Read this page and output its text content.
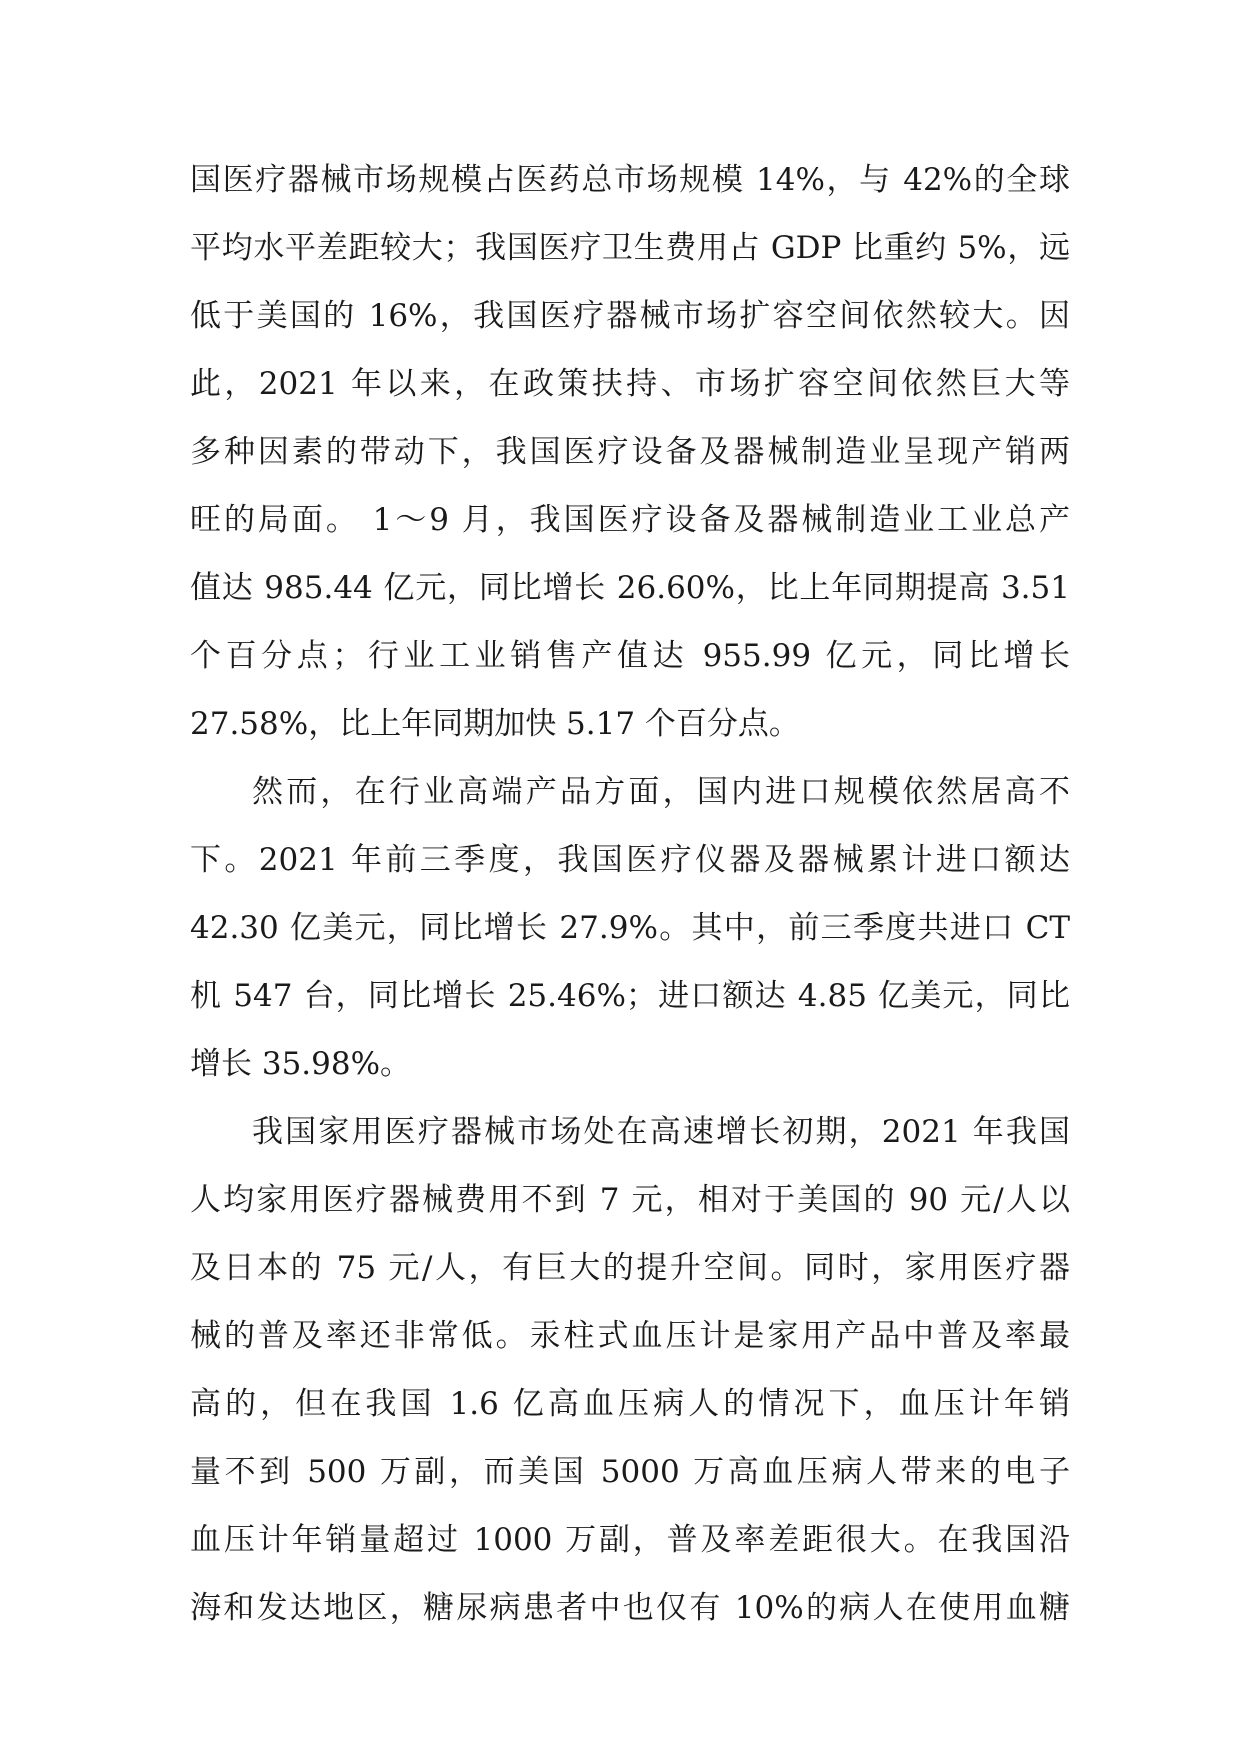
国医疗器械市场规模占医药总市场规模 14%，与 42%的全球
平均水平差距较大；我国医疗卫生费用占 GDP 比重约 5%，远
低于美国的 16%，我国医疗器械市场扩容空间依然较大。因
此，2021 年以来，在政策扶持、市场扩容空间依然巨大等
多种因素的带动下，我国医疗设备及器械制造业呈现产销两
旺的局面。 1～9 月，我国医疗设备及器械制造业工业总产
值达 985.44 亿元，同比增长 26.60%，比上年同期提高 3.51
个百分点；行业工业销售产值达 955.99 亿元，同比增长
27.58%，比上年同期加快 5.17 个百分点。
然而，在行业高端产品方面，国内进口规模依然居高不
下。2021 年前三季度，我国医疗仪器及器械累计进口额达
42.30 亿美元，同比增长 27.9%。其中，前三季度共进口 CT
机 547 台，同比增长 25.46%；进口额达 4.85 亿美元，同比
增长 35.98%。
我国家用医疗器械市场处在高速增长初期，2021 年我国
人均家用医疗器械费用不到 7 元，相对于美国的 90 元/人以
及日本的 75 元/人，有巨大的提升空间。同时，家用医疗器
械的普及率还非常低。汞柱式血压计是家用产品中普及率最
高的，但在我国 1.6 亿高血压病人的情况下，血压计年销
量不到 500 万副，而美国 5000 万高血压病人带来的电子
血压计年销量超过 1000 万副，普及率差距很大。在我国沿
海和发达地区，糖尿病患者中也仅有 10%的病人在使用血糖
